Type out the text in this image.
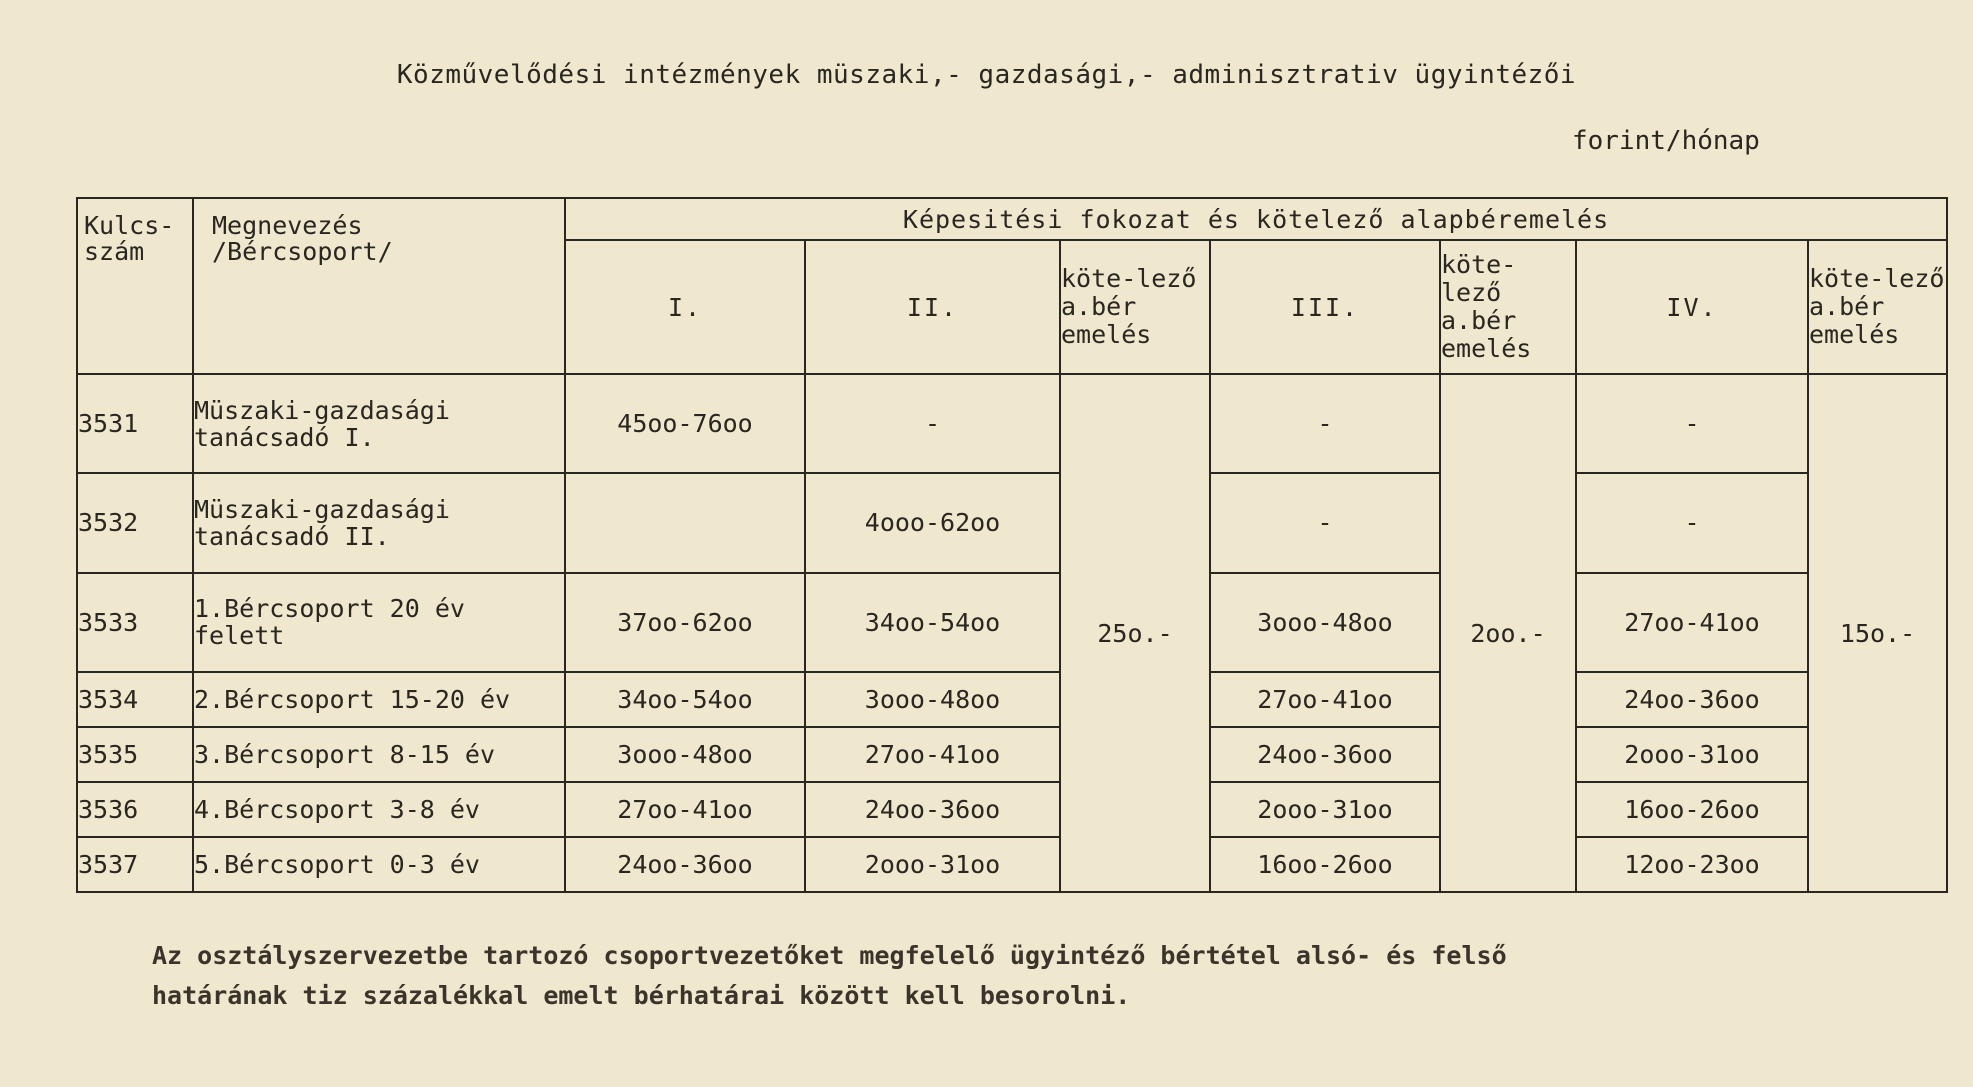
Közművelődési intézmények müszaki,- gazdasági,- adminisztrativ ügyintézői
forint/hónap
Kulcs-szám	Megnevezés /Bércsoport/	Képesitési fokozat és kötelező alapbéremelés						
		I.	II.	köte-lező a.bér emelés	III.	köte-lező a.bér emelés	IV.	köte-lező a.bér emelés
3531	Müszaki-gazdasági tanácsadó I.	45oo-76oo	-	25o.-	-	2oo.-	-	15o.-
3532	Müszaki-gazdasági tanácsadó II.		4ooo-62oo		-		-	
3533	1.Bércsoport 20 év felett	37oo-62oo	34oo-54oo		3ooo-48oo		27oo-41oo	
3534	2.Bércsoport 15-20 év	34oo-54oo	3ooo-48oo		27oo-41oo		24oo-36oo	
3535	3.Bércsoport 8-15 év	3ooo-48oo	27oo-41oo		24oo-36oo		2ooo-31oo	
3536	4.Bércsoport 3-8 év	27oo-41oo	24oo-36oo		2ooo-31oo		16oo-26oo	
3537	5.Bércsoport 0-3 év	24oo-36oo	2ooo-31oo		16oo-26oo		12oo-23oo	
Az osztályszervezetbe tartozó csoportvezetőket megfelelő ügyintéző bértétel alsó- és felső határának tiz százalékkal emelt bérhatárai között kell besorolni.
